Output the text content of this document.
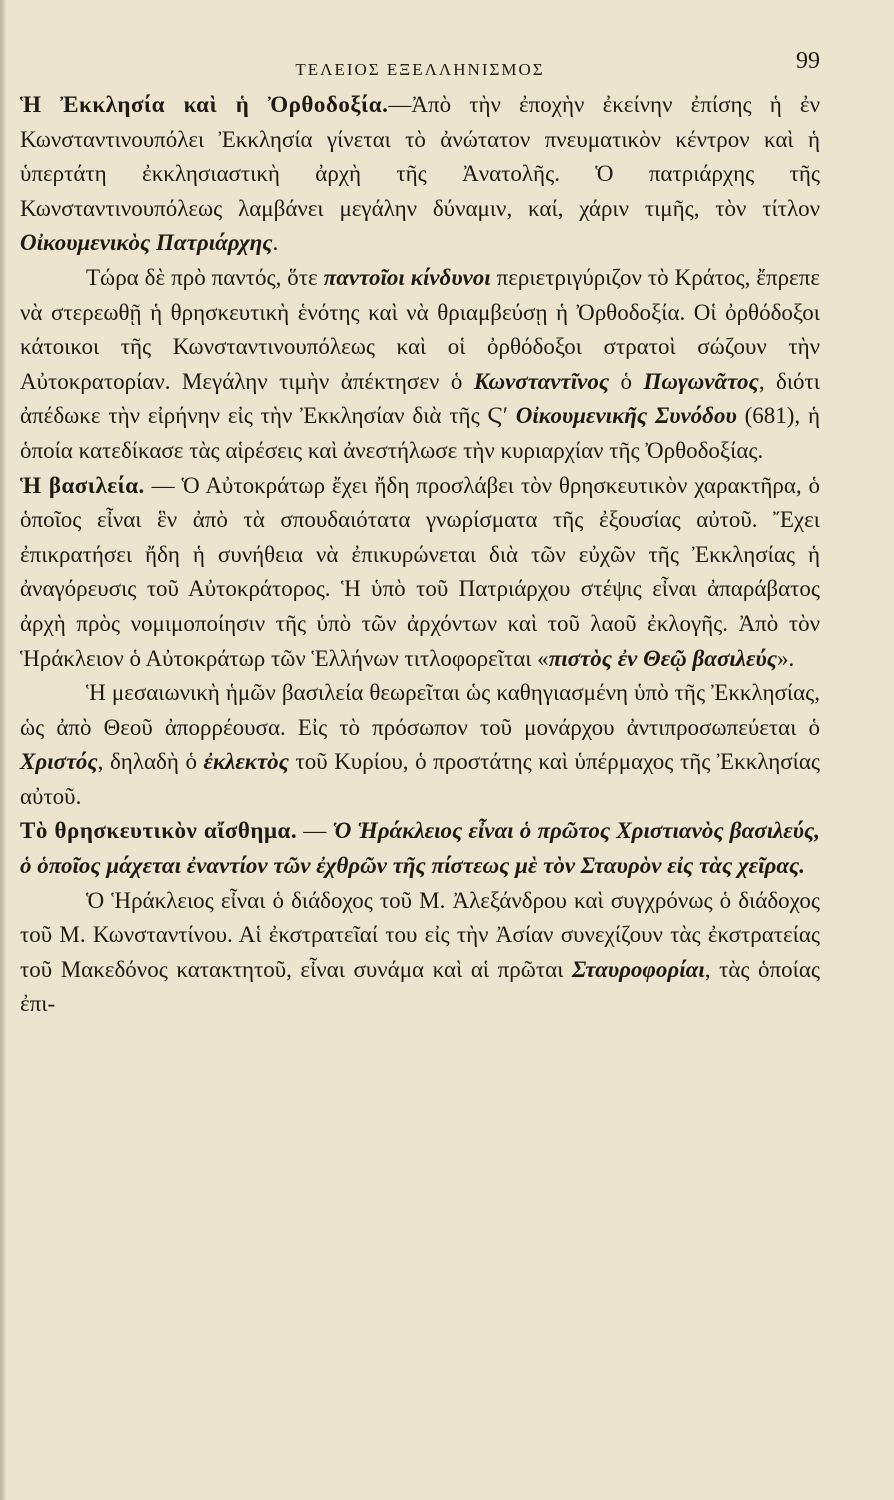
ΤΕΛΕΙΟΣ ΕΞΕΛΛΗΝΙΣΜΟΣ	99

Ἡ Ἐκκλησία καὶ ἡ Ὀρθοδοξία.—Ἀπὸ τὴν ἐποχὴν ἐκείνην ἐπίσης ἡ ἐν Κωνσταντινουπόλει Ἐκκλησία γίνεται τὸ ἀνώτατον πνευματικὸν κέντρον καὶ ἡ ὑπερτάτη ἐκκλησιαστικὴ ἀρχὴ τῆς Ἀνατολῆς. Ὁ πατριάρχης τῆς Κωνσταντινουπόλεως λαμβάνει μεγάλην δύναμιν, καί, χάριν τιμῆς, τὸν τίτλον Οἰκουμενικὸς Πατριάρχης.

Τώρα δὲ πρὸ παντός, ὅτε παντοῖοι κίνδυνοι περιετριγύριζον τὸ Κράτος, ἔπρεπε νὰ στερεωθῇ ἡ θρησκευτικὴ ἑνότης καὶ νὰ θριαμβεύσῃ ἡ Ὀρθοδοξία. Οἱ ὀρθόδοξοι κάτοικοι τῆς Κωνσταντινουπόλεως καὶ οἱ ὀρθόδοξοι στρατοὶ σώζουν τὴν Αὐτοκρατορίαν. Μεγάλην τιμὴν ἀπέκτησεν ὁ Κωνσταντῖνος ὁ Πωγωνᾶτος, διότι ἀπέδωκε τὴν εἰρήνην εἰς τὴν Ἐκκλησίαν διὰ τῆς Ϛ′ Οἰκουμενικῆς Συνόδου (681), ἡ ὁποία κατεδίκασε τὰς αἱρέσεις καὶ ἀνεστήλωσε τὴν κυριαρχίαν τῆς Ὀρθοδοξίας.

Ἡ βασιλεία. — Ὁ Αὐτοκράτωρ ἔχει ἤδη προσλάβει τὸν θρησκευτικὸν χαρακτῆρα, ὁ ὁποῖος εἶναι ἓν ἀπὸ τὰ σπουδαιότατα γνωρίσματα τῆς ἐξουσίας αὐτοῦ. Ἔχει ἐπικρατήσει ἤδη ἡ συνήθεια νὰ ἐπικυρώνεται διὰ τῶν εὐχῶν τῆς Ἐκκλησίας ἡ ἀναγόρευσις τοῦ Αὐτοκράτορος. Ἡ ὑπὸ τοῦ Πατριάρχου στέψις εἶναι ἀπαράβατος ἀρχὴ πρὸς νομιμοποίησιν τῆς ὑπὸ τῶν ἀρχόντων καὶ τοῦ λαοῦ ἐκλογῆς. Ἀπὸ τὸν Ἡράκλειον ὁ Αὐτοκράτωρ τῶν Ἑλλήνων τιτλοφορεῖται «πιστὸς ἐν Θεῷ βασιλεύς».

Ἡ μεσαιωνικὴ ἡμῶν βασιλεία θεωρεῖται ὡς καθηγιασμένη ὑπὸ τῆς Ἐκκλησίας, ὡς ἀπὸ Θεοῦ ἀπορρέουσα. Εἰς τὸ πρόσωπον τοῦ μονάρχου ἀντιπροσωπεύεται ὁ Χριστός, δηλαδὴ ὁ ἐκλεκτὸς τοῦ Κυρίου, ὁ προστάτης καὶ ὑπέρμαχος τῆς Ἐκκλησίας αὐτοῦ.

Τὸ θρησκευτικὸν αἴσθημα. — Ὁ Ἡράκλειος εἶναι ὁ πρῶτος Χριστιανὸς βασιλεύς, ὁ ὁποῖος μάχεται ἐναντίον τῶν ἐχθρῶν τῆς πίστεως μὲ τὸν Σταυρὸν εἰς τὰς χεῖρας.

Ὁ Ἡράκλειος εἶναι ὁ διάδοχος τοῦ Μ. Ἀλεξάνδρου καὶ συγχρόνως ὁ διάδοχος τοῦ Μ. Κωνσταντίνου. Αἱ ἐκστρατεῖαί του εἰς τὴν Ἀσίαν συνεχίζουν τὰς ἐκστρατείας τοῦ Μακεδόνος κατακτητοῦ, εἶναι συνάμα καὶ αἱ πρῶται Σταυροφορίαι, τὰς ὁποίας ἐπι-
